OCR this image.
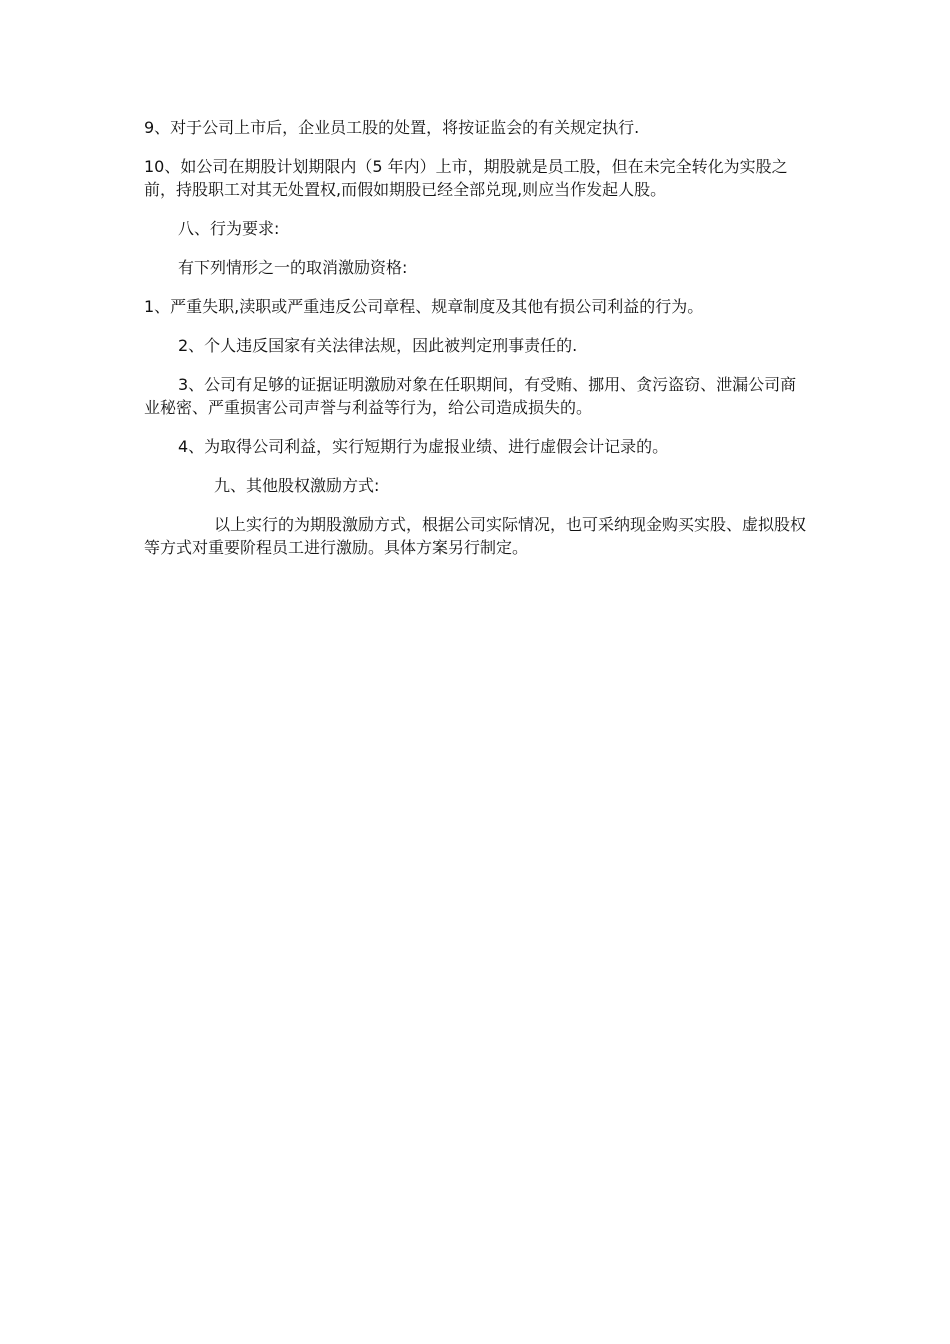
9、对于公司上市后，企业员工股的处置，将按证监会的有关规定执行.

10、如公司在期股计划期限内（5 年内）上市，期股就是员工股，但在未完全转化为实股之前，持股职工对其无处置权,而假如期股已经全部兑现,则应当作发起人股。

八、行为要求:

有下列情形之一的取消激励资格:

1、严重失职,渎职或严重违反公司章程、规章制度及其他有损公司利益的行为。

2、个人违反国家有关法律法规，因此被判定刑事责任的.

3、公司有足够的证据证明激励对象在任职期间，有受贿、挪用、贪污盗窃、泄漏公司商业秘密、严重损害公司声誉与利益等行为，给公司造成损失的。

4、为取得公司利益，实行短期行为虚报业绩、进行虚假会计记录的。

九、其他股权激励方式:

以上实行的为期股激励方式，根据公司实际情况，也可采纳现金购买实股、虚拟股权等方式对重要阶程员工进行激励。具体方案另行制定。
